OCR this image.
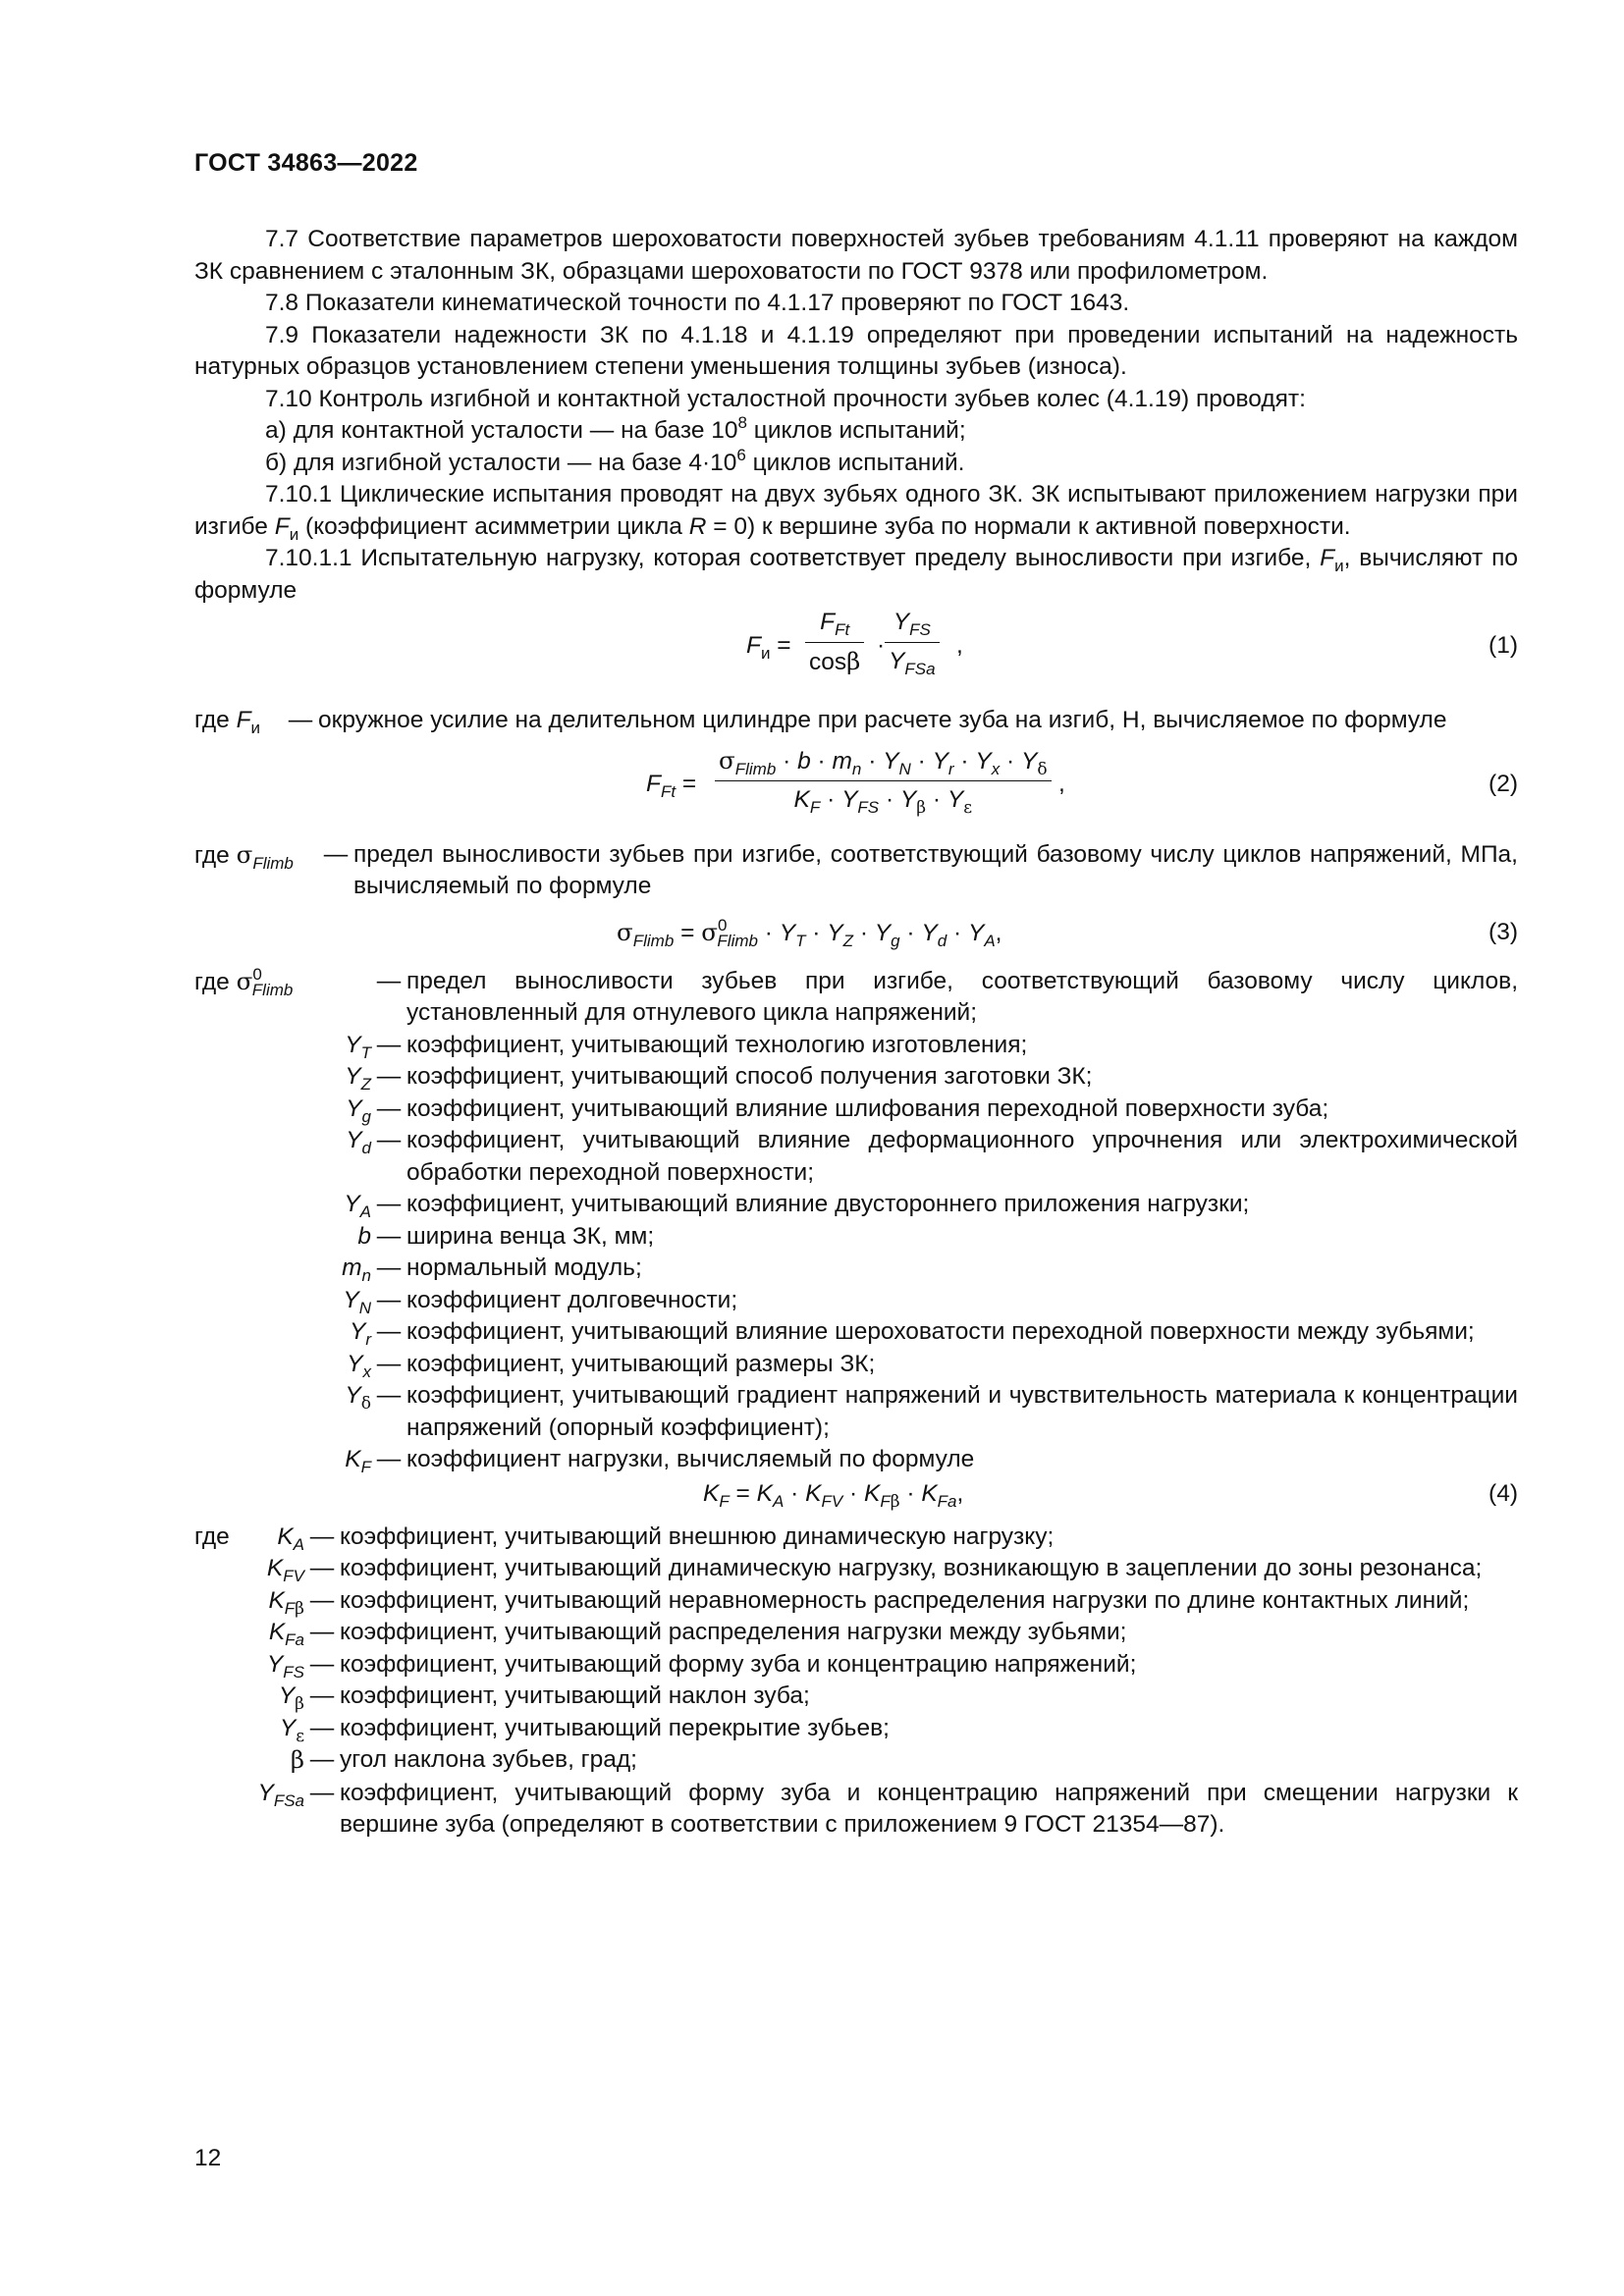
ГОСТ 34863—2022
7.7 Соответствие параметров шероховатости поверхностей зубьев требованиям 4.1.11 проверяют на каждом ЗК сравнением с эталонным ЗК, образцами шероховатости по ГОСТ 9378 или профилометром.
7.8 Показатели кинематической точности по 4.1.17 проверяют по ГОСТ 1643.
7.9 Показатели надежности ЗК по 4.1.18 и 4.1.19 определяют при проведении испытаний на надежность натурных образцов установлением степени уменьшения толщины зубьев (износа).
7.10 Контроль изгибной и контактной усталостной прочности зубьев колес (4.1.19) проводят:
а) для контактной усталости — на базе $10^8$ циклов испытаний;
б) для изгибной усталости — на базе $4\cdot 10^6$ циклов испытаний.
7.10.1 Циклические испытания проводят на двух зубьях одного ЗК. ЗК испытывают приложением нагрузки при изгибе $F_и$ (коэффициент асимметрии цикла R = 0) к вершине зуба по нормали к активной поверхности.
7.10.1.1 Испытательную нагрузку, которая соответствует пределу выносливости при изгибе, $F_и$, вычисляют по формуле
$F_и$ =
$F_{Ft}$
cosβ
·
$Y_{FS}$
$Y_{FSa}$
,	(1)
где $F_и$	— окружное усилие на делительном цилиндре при расчете зуба на изгиб, Н, вычисляемое по формуле
$F_{Ft}$ =
$\sigma_{Flimb} \cdot b \cdot m_n \cdot Y_N \cdot Y_r \cdot Y_x \cdot Y_\delta$
$K_F \cdot Y_{FS} \cdot Y_\beta \cdot Y_\varepsilon$
,	(2)
где $\sigma_{Flimb}$	— предел выносливости зубьев при изгибе, соответствующий базовому числу циклов напряжений, МПа, вычисляемый по формуле
$\sigma_{Flimb} = \sigma^0_{Flimb} \cdot Y_T \cdot Y_Z \cdot Y_g \cdot Y_d \cdot Y_A$,	(3)
где $\sigma^0_{Flimb}$	— предел выносливости зубьев при изгибе, соответствующий базовому числу циклов, установленный для отнулевого цикла напряжений;
$Y_T$ — коэффициент, учитывающий технологию изготовления;
$Y_Z$ — коэффициент, учитывающий способ получения заготовки ЗК;
$Y_g$ — коэффициент, учитывающий влияние шлифования переходной поверхности зуба;
$Y_d$ — коэффициент, учитывающий влияние деформационного упрочнения или электрохимической обработки переходной поверхности;
$Y_A$ — коэффициент, учитывающий влияние двустороннего приложения нагрузки;
b — ширина венца ЗК, мм;
$m_n$ — нормальный модуль;
$Y_N$ — коэффициент долговечности;
$Y_r$ — коэффициент, учитывающий влияние шероховатости переходной поверхности между зубьями;
$Y_x$ — коэффициент, учитывающий размеры ЗК;
$Y_\delta$ — коэффициент, учитывающий градиент напряжений и чувствительность материала к концентрации напряжений (опорный коэффициент);
$K_F$ — коэффициент нагрузки, вычисляемый по формуле
$K_F = K_A \cdot K_{FV} \cdot K_{F\beta} \cdot K_{Fa}$,	(4)
где	$K_A$ — коэффициент, учитывающий внешнюю динамическую нагрузку;
$K_{FV}$ — коэффициент, учитывающий динамическую нагрузку, возникающую в зацеплении до зоны резонанса;
$K_{F\beta}$ — коэффициент, учитывающий неравномерность распределения нагрузки по длине контактных линий;
$K_{Fa}$ — коэффициент, учитывающий распределения нагрузки между зубьями;
$Y_{FS}$ — коэффициент, учитывающий форму зуба и концентрацию напряжений;
$Y_\beta$ — коэффициент, учитывающий наклон зуба;
$Y_\varepsilon$ — коэффициент, учитывающий перекрытие зубьев;
β — угол наклона зубьев, град;
$Y_{FSa}$ — коэффициент, учитывающий форму зуба и концентрацию напряжений при смещении нагрузки к вершине зуба (определяют в соответствии с приложением 9 ГОСТ 21354—87).
12
